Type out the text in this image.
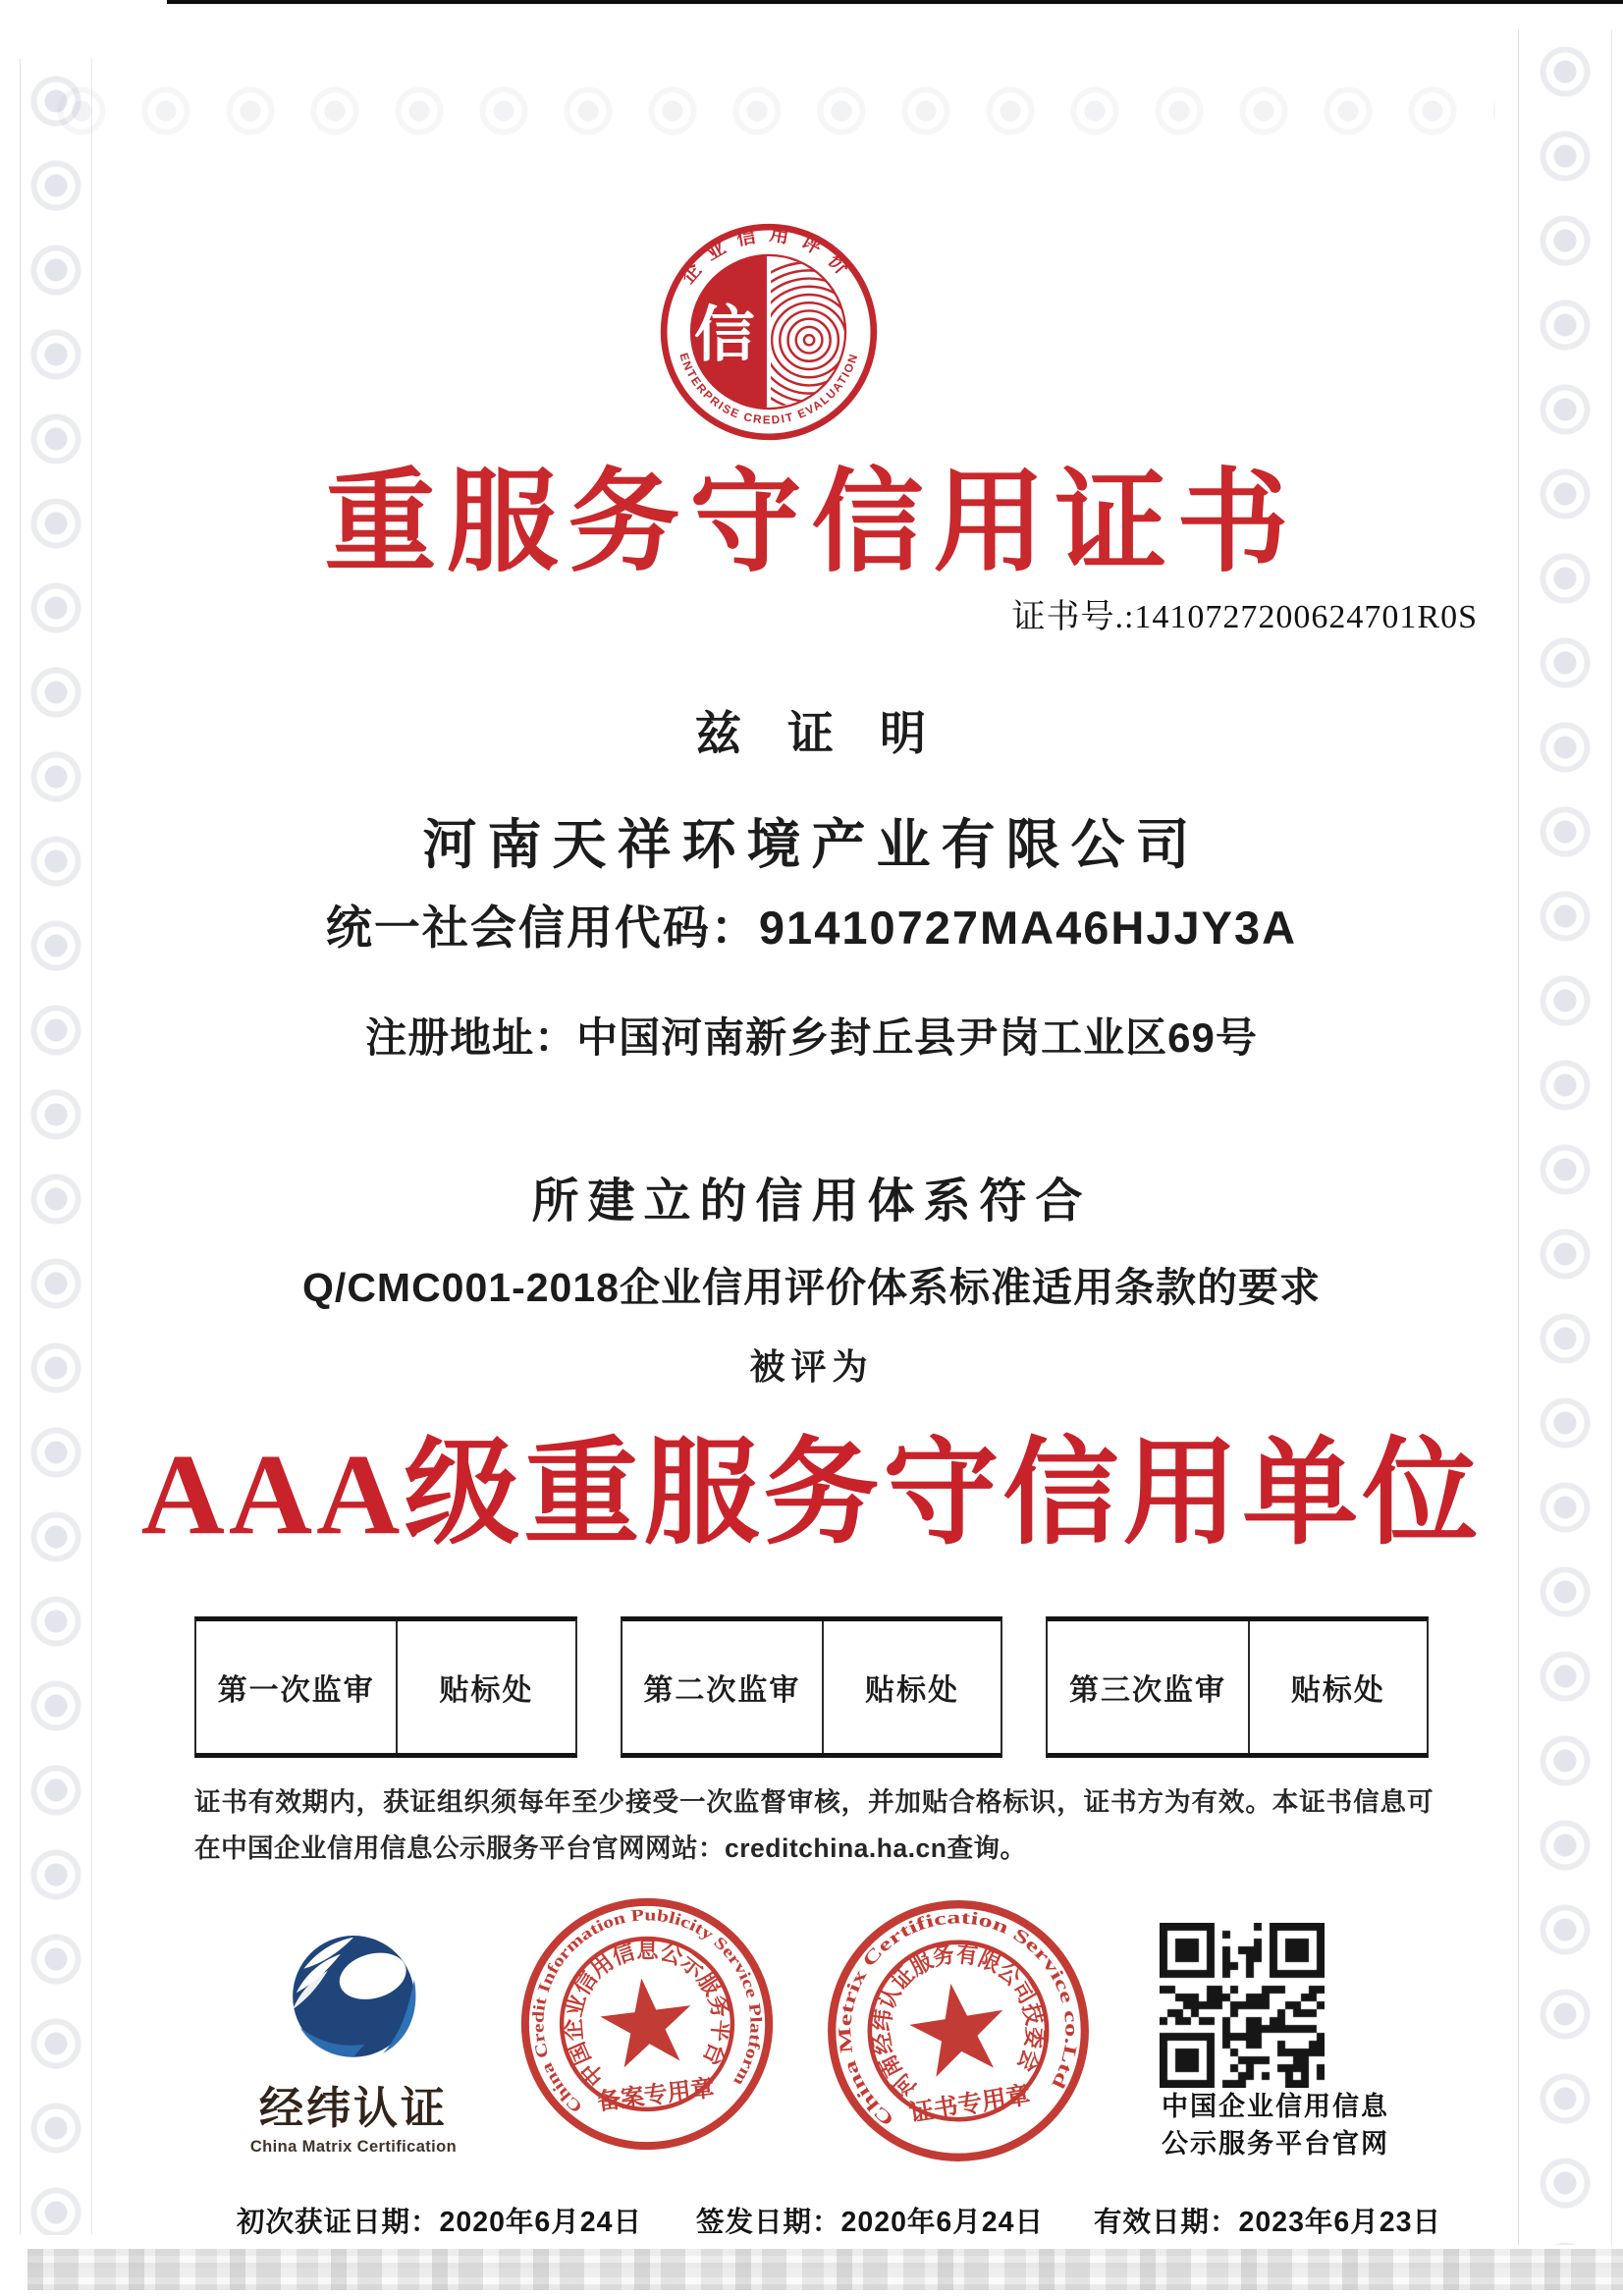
信
企业信用评价
ENTERPRISE CREDIT EVALUATION
重服务守信用证书
证书号.:1410727200624701R0S
兹 证 明
河南天祥环境产业有限公司
统一社会信用代码：91410727MA46HJJY3A
注册地址：中国河南新乡封丘县尹岗工业区69号
所建立的信用体系符合
Q/CMC001-2018企业信用评价体系标准适用条款的要求
被评为
AAA级重服务守信用单位
第一次监审	贴标处	第二次监审	贴标处	第三次监审	贴标处
证书有效期内，获证组织须每年至少接受一次监督审核，并加贴合格标识，证书方为有效。本证书信息可在中国企业信用信息公示服务平台官网网站：creditchina.ha.cn查询。
经纬认证
China Matrix Certification
China Credit Information Publicity Service Platform
中国企业信用信息公示服务平台
备案专用章
China Metrix Certification Service co.Ltd
河南经纬认证服务有限公司技委会
证书专用章	中国企业信用信息
公示服务平台官网
初次获证日期：2020年6月24日 签发日期：2020年6月24日 有效日期：2023年6月23日
